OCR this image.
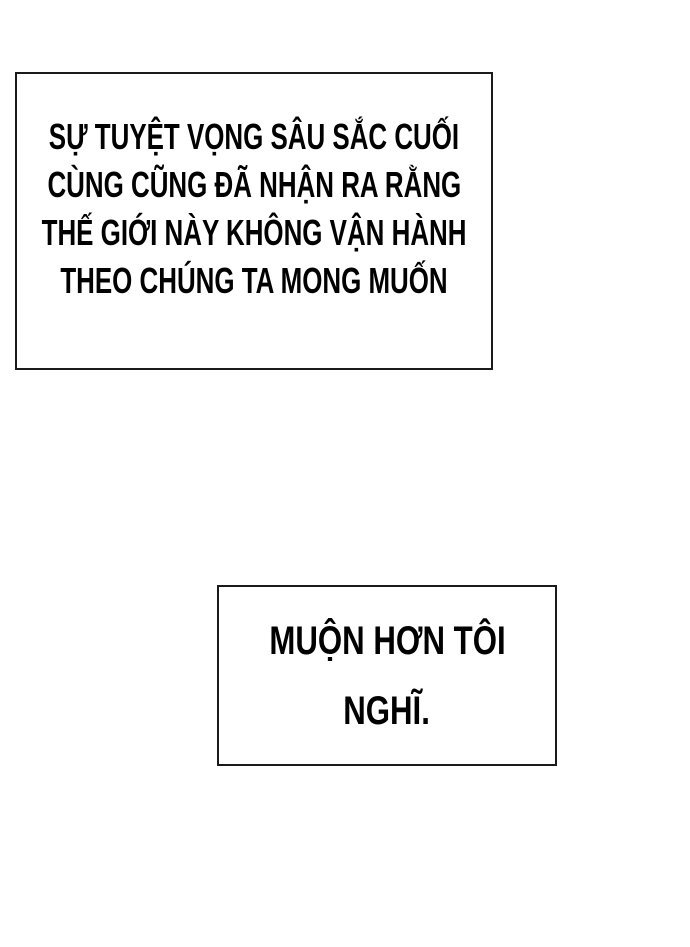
SỰ TUYỆT VỌNG SÂU SẮC CUỐI
CÙNG CŨNG ĐÃ NHẬN RA RẰNG
THẾ GIỚI NÀY KHÔNG VẬN HÀNH
THEO CHÚNG TA MONG MUỐN
MUỘN HƠN TÔI
NGHĨ.
